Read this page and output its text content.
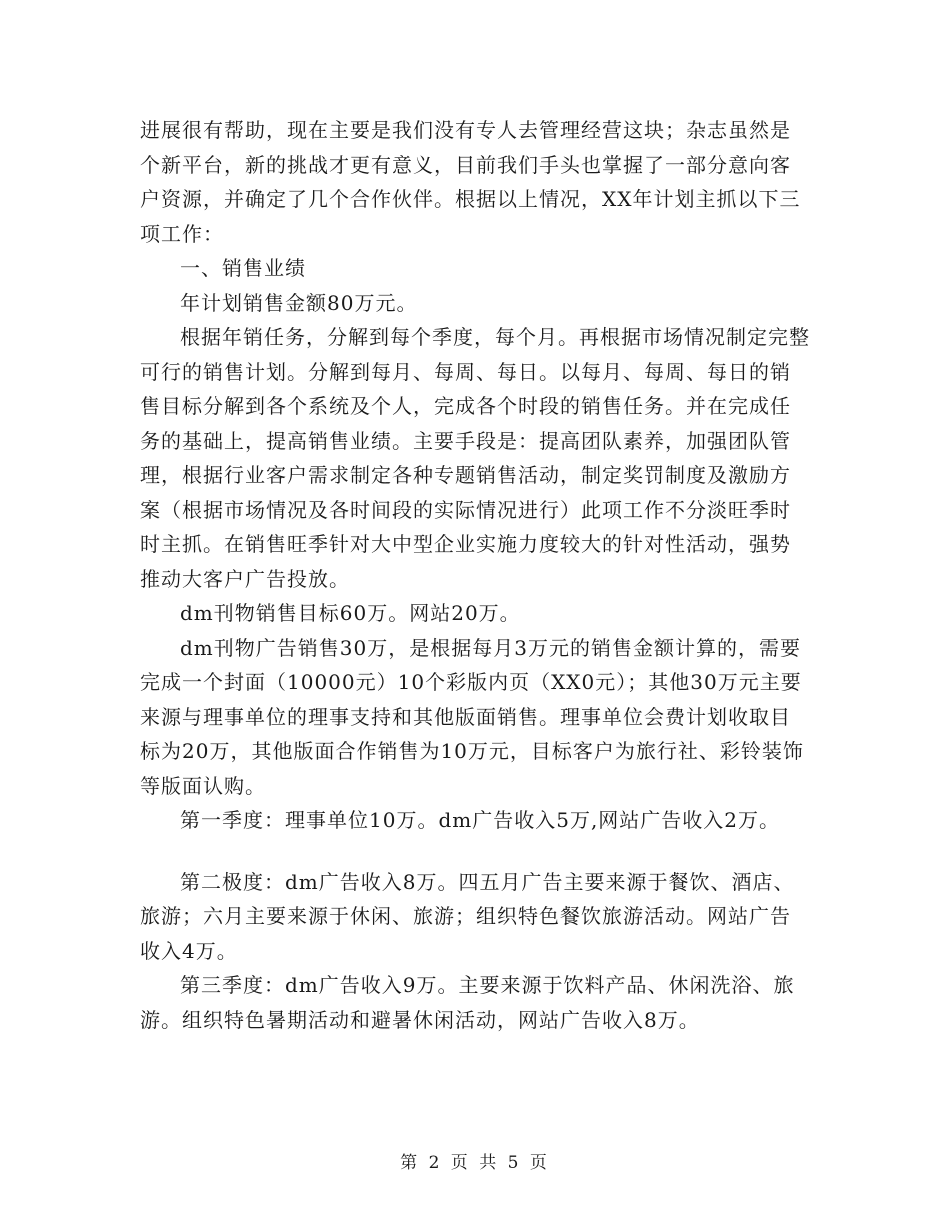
进展很有帮助，现在主要是我们没有专人去管理经营这块；杂志虽然是个新平台，新的挑战才更有意义，目前我们手头也掌握了一部分意向客户资源，并确定了几个合作伙伴。根据以上情况，XX年计划主抓以下三项工作：

一、销售业绩

年计划销售金额80万元。

根据年销任务，分解到每个季度，每个月。再根据市场情况制定完整可行的销售计划。分解到每月、每周、每日。以每月、每周、每日的销售目标分解到各个系统及个人，完成各个时段的销售任务。并在完成任务的基础上，提高销售业绩。主要手段是：提高团队素养，加强团队管理，根据行业客户需求制定各种专题销售活动，制定奖罚制度及激励方案（根据市场情况及各时间段的实际情况进行）此项工作不分淡旺季时时主抓。在销售旺季针对大中型企业实施力度较大的针对性活动，强势推动大客户广告投放。

dm刊物销售目标60万。网站20万。

dm刊物广告销售30万，是根据每月3万元的销售金额计算的，需要完成一个封面（10000元）10个彩版内页（XX0元）；其他30万元主要来源与理事单位的理事支持和其他版面销售。理事单位会费计划收取目标为20万，其他版面合作销售为10万元，目标客户为旅行社、彩铃装饰等版面认购。

第一季度：理事单位10万。dm广告收入5万,网站广告收入2万。

第二极度：dm广告收入8万。四五月广告主要来源于餐饮、酒店、旅游；六月主要来源于休闲、旅游；组织特色餐饮旅游活动。网站广告收入4万。

第三季度：dm广告收入9万。主要来源于饮料产品、休闲洗浴、旅游。组织特色暑期活动和避暑休闲活动，网站广告收入8万。

第 2 页 共 5 页
